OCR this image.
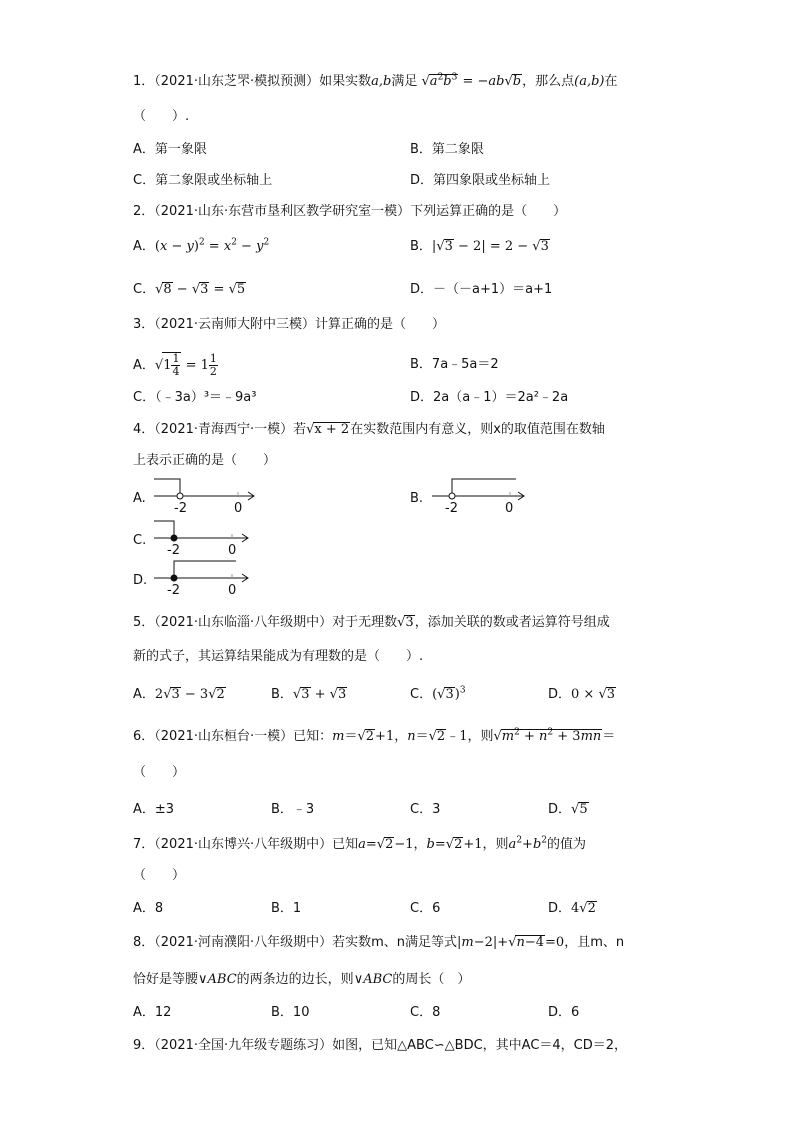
1．（2021·山东芝罘·模拟预测）如果实数a,b满足 $√a^2b^3 = -ab√b$，那么点(a,b)在
（　　）.
A．第一象限	B．第二象限
C．第二象限或坐标轴上	D．第四象限或坐标轴上
2．（2021·山东·东营市垦利区教学研究室一模）下列运算正确的是（　　）
A．$(x - y)^2 = x^2 - y^2$	B．|√3 − 2| = 2 − √3
C．√8 − √3 = √5	D．－（－a+1）＝a+1
3．（2021·云南师大附中三模）计算正确的是（　　）
A．$√1 \frac{1}{4} = 1 \frac{1}{2}$	B．7a﹣5a＝2
C．（﹣3a）³＝﹣9a³	D．2a（a﹣1）＝2a²﹣2a
4．（2021·青海西宁·一模）若√x + 2在实数范围内有意义，则x的取值范围在数轴
上表示正确的是（　　）
A.
-2	0
B.
-2	0
C.
-2	0
D.
-2	0
5．（2021·山东临淄·八年级期中）对于无理数√3，添加关联的数或者运算符号组成
新的式子，其运算结果能成为有理数的是（　　）.
A．2√3 − 3√2	B．√3 + √3	C．$(√3)^3$	D．0 × √3
6．（2021·山东桓台·一模）已知：m＝√2+1，n＝√2﹣1，则$√m^2 + n^2 + 3mn=$
（　　）
A．±3	B．﹣3	C．3	D．√5
7．（2021·山东博兴·八年级期中）已知a=√2−1，b=√2+1，则$a^2+b^2$的值为
（　　）
A．8	B．1	C．6	D．4√2
8．（2021·河南濮阳·八年级期中）若实数m、n满足等式|m−2|+√n−4=0，且m、n
恰好是等腰∨ABC的两条边的边长，则∨ABC的周长（　）
A．12	B．10	C．8	D．6
9．（2021·全国·九年级专题练习）如图，已知△ABC∽△BDC，其中AC＝4，CD＝2，
